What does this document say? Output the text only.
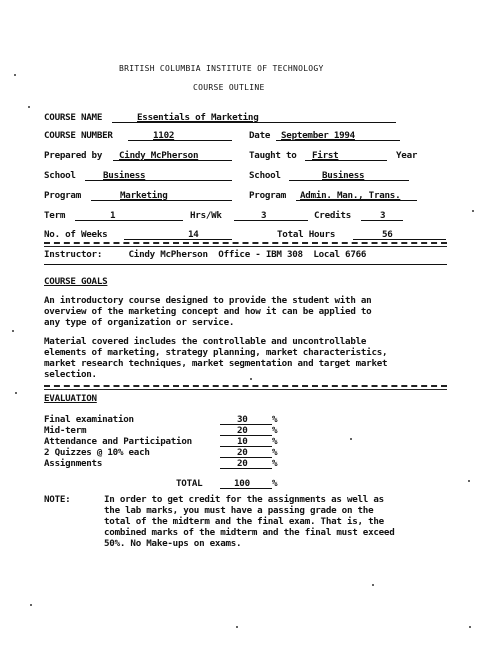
BRITISH COLUMBIA INSTITUTE OF TECHNOLOGY
COURSE OUTLINE
COURSE NAME	Essentials of Marketing
COURSE NUMBER	1102	Date September 1994
Prepared by Cindy McPherson	Taught to First	Year
School	Business	School	Business
Program	Marketing	Program Admin. Man., Trans.
Term	1	Hrs/Wk	3	Credits	3
No. of Weeks	14	Total Hours	56
Instructor:     Cindy McPherson  Office - IBM 308  Local 6766
COURSE GOALS
An introductory course designed to provide the student with an
overview of the marketing concept and how it can be applied to
any type of organization or service.
Material covered includes the controllable and uncontrollable
elements of marketing, strategy planning, market characteristics,
market research techniques, market segmentation and target market
selection.
EVALUATION
Final examination	30	%
Mid-term	20	%
Attendance and Participation	10	%
2 Quizzes @ 10% each	20	%
Assignments	20	%
TOTAL	100 %
NOTE:	In order to get credit for the assignments as well as
the lab marks, you must have a passing grade on the
total of the midterm and the final exam. That is, the
combined marks of the midterm and the final must exceed
50%. No Make-ups on exams.
